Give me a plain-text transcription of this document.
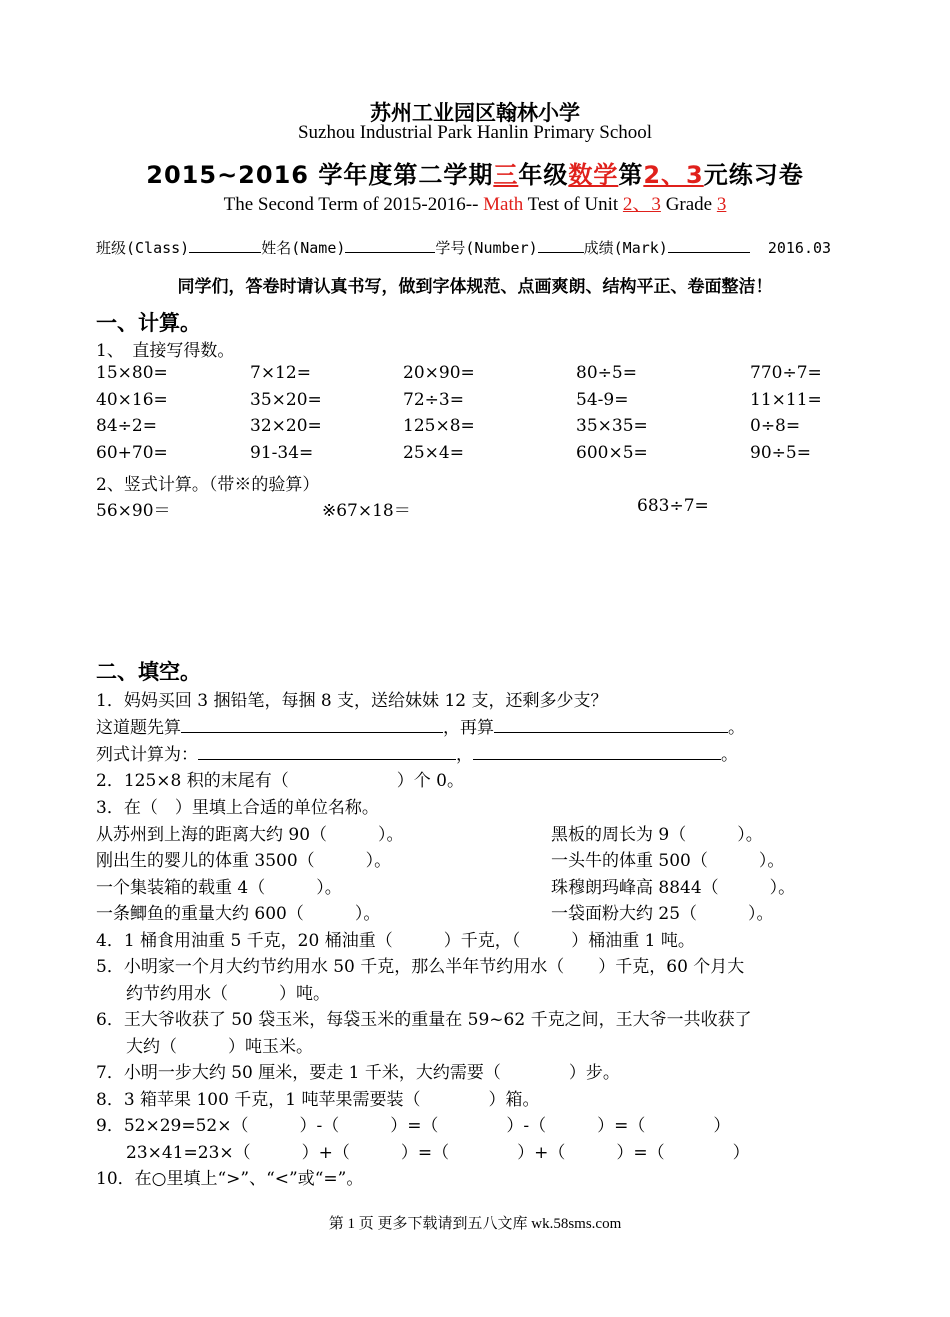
苏州工业园区翰林小学
Suzhou Industrial Park Hanlin Primary School
2015~2016 学年度第二学期三年级数学第2、3元练习卷
The Second Term of 2015-2016-- Math Test of Unit 2、3 Grade 3
班级(Class)	姓名(Name)	学号(Number)	成绩(Mark)	2016.03
同学们，答卷时请认真书写，做到字体规范、点画爽朗、结构平正、卷面整洁！
一、计算。
1、　直接写得数。
15×80=	7×12=	20×90=	80÷5=	770÷7=
40×16=	35×20=	72÷3=	54-9=	11×11=
84÷2=	32×20=	125×8=	35×35=	0÷8=
60+70=	91-34=	25×4=	600×5=	90÷5=
2、竖式计算。（带※的验算）
56×90＝	※67×18＝	683÷7=
二、填空。
1．妈妈买回 3 捆铅笔，每捆 8 支，送给妹妹 12 支，还剩多少支？
这道题先算	，再算	。
列式计算为：	，	。
2．125×8 积的末尾有（	）个 0。
3．在（　）里填上合适的单位名称。
从苏州到上海的距离大约 90（　　　）。
刚出生的婴儿的体重 3500（　　　）。
一个集装箱的载重 4（　　　）。
一条鲫鱼的重量大约 600（　　　）。
黑板的周长为 9（　　　）。
一头牛的体重 500（　　　）。
珠穆朗玛峰高 8844（　　　）。
一袋面粉大约 25（　　　）。
4．1 桶食用油重 5 千克，20 桶油重（　　　）千克，（　　　）桶油重 1 吨。
5．小明家一个月大约节约用水 50 千克，那么半年节约用水（　　）千克，60 个月大
约节约用水（　　　）吨。
6．王大爷收获了 50 袋玉米，每袋玉米的重量在 59~62 千克之间，王大爷一共收获了
大约（　　　）吨玉米。
7．小明一步大约 50 厘米，要走 1 千米，大约需要（　　　　）步。
8．3 箱苹果 100 千克，1 吨苹果需要装（　　　　）箱。
9．52×29=52×（　　　）-（　　　）=（　　　　）-（　　　）=（　　　　）
23×41=23×（　　　）+（　　　）=（　　　　）+（　　　）=（　　　　）
10．在○里填上“>”、“<”或“=”。
第 1 页 更多下载请到五八文库 wk.58sms.com
